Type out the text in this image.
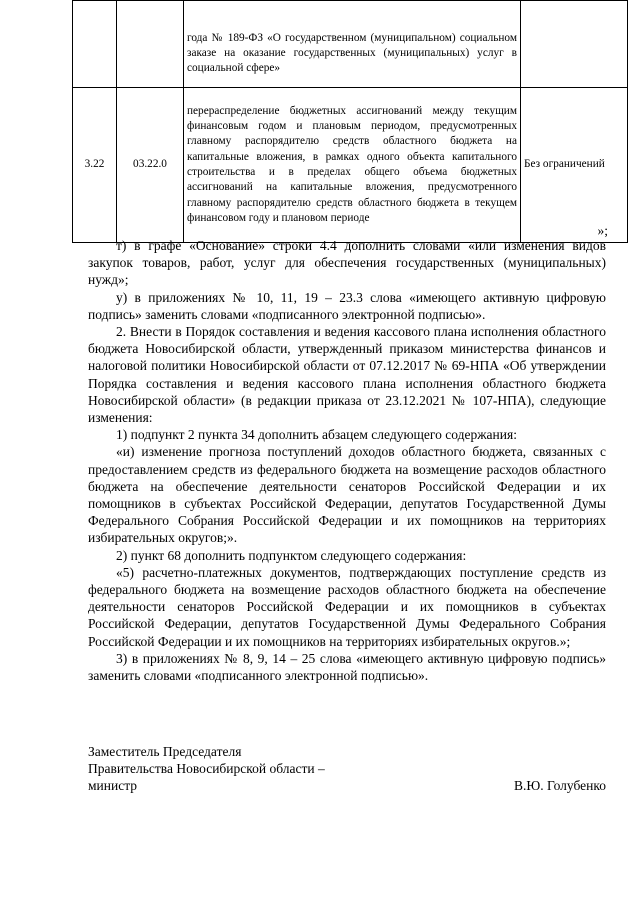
		года № 189-ФЗ «О государственном (муниципальном) социальном заказе на оказание государственных (муниципальных) услуг в социальной сфере»	
3.22	03.22.0	перераспределение бюджетных ассигнований между текущим финансовым годом и плановым периодом, предусмотренных главному распорядителю средств областного бюджета на капитальные вложения, в рамках одного объекта капитального строительства и в пределах общего объема бюджетных ассигнований на капитальные вложения, предусмотренного главному распорядителю средств областного бюджета в текущем финансовом году и плановом периоде	Без ограничений
»;

т) в графе «Основание» строки 4.4 дополнить словами «или изменения видов закупок товаров, работ, услуг для обеспечения государственных (муниципальных) нужд»;

у) в приложениях № 10, 11, 19 – 23.3 слова «имеющего активную цифровую подпись» заменить словами «подписанного электронной подписью».

2. Внести в Порядок составления и ведения кассового плана исполнения областного бюджета Новосибирской области, утвержденный приказом министерства финансов и налоговой политики Новосибирской области от 07.12.2017 № 69-НПА «Об утверждении Порядка составления и ведения кассового плана исполнения областного бюджета Новосибирской области» (в редакции приказа от 23.12.2021 № 107-НПА), следующие изменения:

1) подпункт 2 пункта 34 дополнить абзацем следующего содержания:

«и) изменение прогноза поступлений доходов областного бюджета, связанных с предоставлением средств из федерального бюджета на возмещение расходов областного бюджета на обеспечение деятельности сенаторов Российской Федерации и их помощников в субъектах Российской Федерации, депутатов Государственной Думы Федерального Собрания Российской Федерации и их помощников на территориях избирательных округов;».

2) пункт 68 дополнить подпунктом следующего содержания:

«5) расчетно-платежных документов, подтверждающих поступление средств из федерального бюджета на возмещение расходов областного бюджета на обеспечение деятельности сенаторов Российской Федерации и их помощников в субъектах Российской Федерации, депутатов Государственной Думы Федерального Собрания Российской Федерации и их помощников на территориях избирательных округов.»;

3) в приложениях № 8, 9, 14 – 25 слова «имеющего активную цифровую подпись» заменить словами «подписанного электронной подписью».

Заместитель Председателя
Правительства Новосибирской области –
министр	В.Ю. Голубенко
